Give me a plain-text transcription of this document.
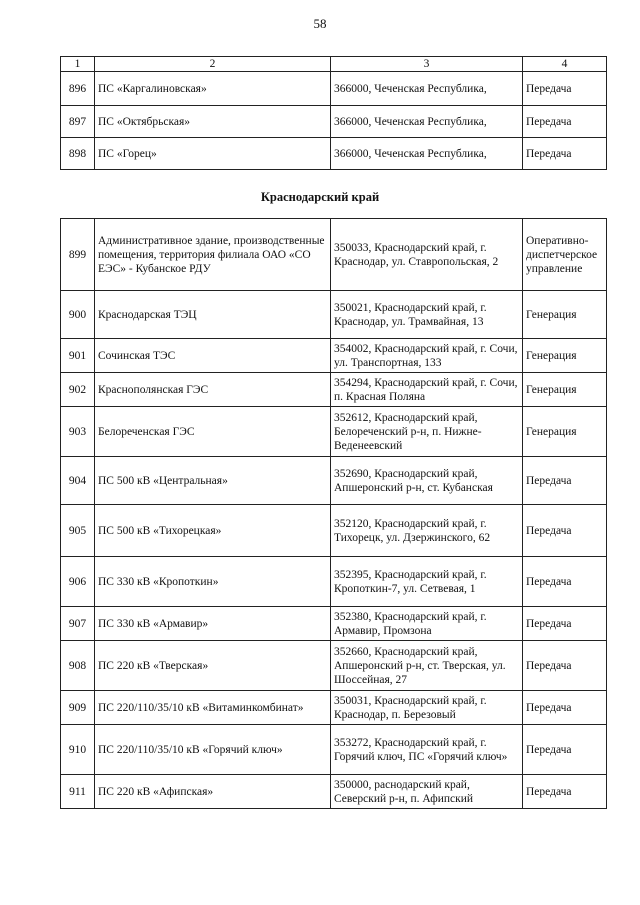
58
1	2	3	4
896	ПС «Каргалиновская»	366000, Чеченская Республика,	Передача
897	ПС «Октябрьская»	366000, Чеченская Республика,	Передача
898	ПС «Горец»	366000, Чеченская Республика,	Передача
Краснодарский край
899	Административное здание, производственные помещения, территория филиала ОАО «СО ЕЭС» - Кубанское РДУ	350033, Краснодарский край, г. Краснодар, ул. Ставропольская, 2	Оперативно-диспетчерское управление
900	Краснодарская ТЭЦ	350021, Краснодарский край, г. Краснодар, ул. Трамвайная, 13	Генерация
901	Сочинская ТЭС	354002, Краснодарский край, г. Сочи, ул. Транспортная, 133	Генерация
902	Краснополянская ГЭС	354294, Краснодарский край, г. Сочи, п. Красная Поляна	Генерация
903	Белореченская ГЭС	352612, Краснодарский край, Белореченский р-н, п. Нижне-Веденеевский	Генерация
904	ПС 500 кВ «Центральная»	352690, Краснодарский край, Апшеронский р-н, ст. Кубанская	Передача
905	ПС 500 кВ «Тихорецкая»	352120, Краснодарский край, г. Тихорецк, ул. Дзержинского, 62	Передача
906	ПС 330 кВ «Кропоткин»	352395, Краснодарский край, г. Кропоткин-7, ул. Сетвевая, 1	Передача
907	ПС 330 кВ «Армавир»	352380, Краснодарский край, г. Армавир, Промзона	Передача
908	ПС 220 кВ «Тверская»	352660, Краснодарский край, Апшеронский р-н, ст. Тверская, ул. Шоссейная, 27	Передача
909	ПС 220/110/35/10 кВ «Витаминкомбинат»	350031, Краснодарский край, г. Краснодар, п. Березовый	Передача
910	ПС 220/110/35/10 кВ «Горячий ключ»	353272, Краснодарский край, г. Горячий ключ, ПС «Горячий ключ»	Передача
911	ПС 220 кВ «Афипская»	350000, раснодарский край, Северский р-н, п. Афипский	Передача
